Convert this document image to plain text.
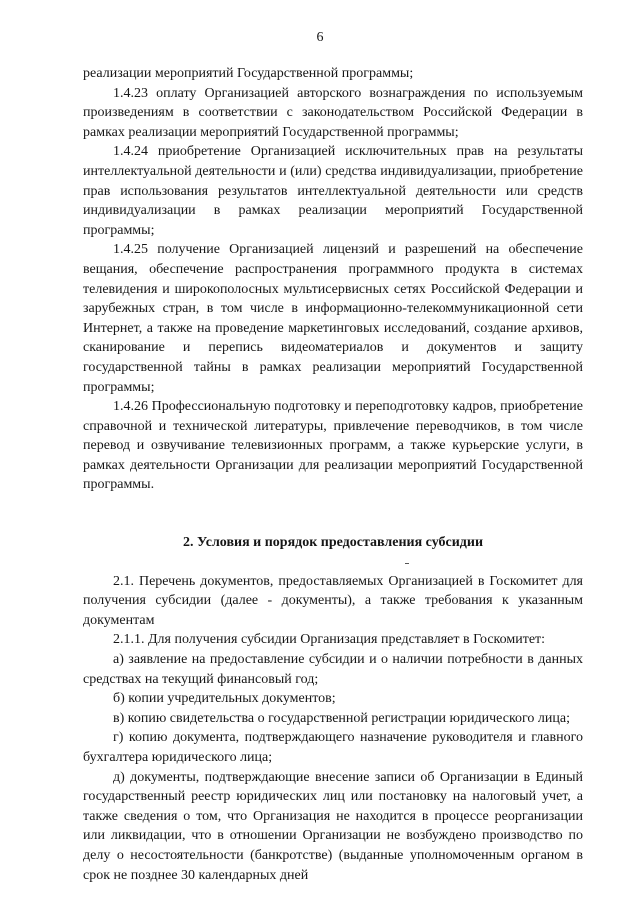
6

реализации мероприятий Государственной программы;

1.4.23 оплату Организацией авторского вознаграждения по используемым произведениям в соответствии с законодательством Российской Федерации в рамках реализации мероприятий Государственной программы;

1.4.24 приобретение Организацией исключительных прав на результаты интеллектуальной деятельности и (или) средства индивидуализации, приобретение прав использования результатов интеллектуальной деятельности или средств индивидуализации в рамках реализации мероприятий Государственной программы;

1.4.25 получение Организацией лицензий и разрешений на обеспечение вещания, обеспечение распространения программного продукта в системах телевидения и широкополосных мультисервисных сетях Российской Федерации и зарубежных стран, в том числе в информационно-телекоммуникационной сети Интернет, а также на проведение маркетинговых исследований, создание архивов, сканирование и перепись видеоматериалов и документов и защиту государственной тайны в рамках реализации мероприятий Государственной программы;

1.4.26 Профессиональную подготовку и переподготовку кадров, приобретение справочной и технической литературы, привлечение переводчиков, в том числе перевод и озвучивание телевизионных программ, а также курьерские услуги, в рамках деятельности Организации для реализации мероприятий Государственной программы.

2. Условия и порядок предоставления субсидии

2.1. Перечень документов, предоставляемых Организацией в Госкомитет для получения субсидии (далее - документы), а также требования к указанным документам

2.1.1. Для получения субсидии Организация представляет в Госкомитет:

а) заявление на предоставление субсидии и о наличии потребности в данных средствах на текущий финансовый год;

б) копии учредительных документов;

в) копию свидетельства о государственной регистрации юридического лица;

г) копию документа, подтверждающего назначение руководителя и главного бухгалтера юридического лица;

д) документы, подтверждающие внесение записи об Организации в Единый государственный реестр юридических лиц или постановку на налоговый учет, а также сведения о том, что Организация не находится в процессе реорганизации или ликвидации, что в отношении Организации не возбуждено производство по делу о несостоятельности (банкротстве) (выданные уполномоченным органом в срок не позднее 30 календарных дней
